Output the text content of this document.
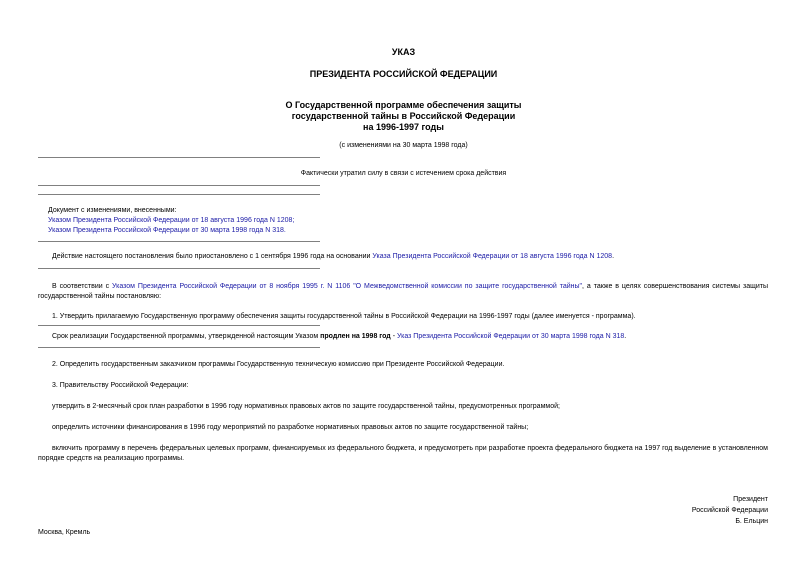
УКАЗ
ПРЕЗИДЕНТА РОССИЙСКОЙ ФЕДЕРАЦИИ
О Государственной программе обеспечения защиты
государственной тайны в Российской Федерации
на 1996-1997 годы
(с изменениями на 30 марта 1998 года)
Фактически утратил силу в связи с истечением срока действия
Документ с изменениями, внесенными:
Указом Президента Российской Федерации от 18 августа 1996 года N 1208;
Указом Президента Российской Федерации от 30 марта 1998 года N 318.
Действие настоящего постановления было приостановлено с 1 сентября 1996 года на основании Указа Президента Российской Федерации от 18 августа 1996 года N 1208.
В соответствии с Указом Президента Российской Федерации от 8 ноября 1995 г. N 1106 "О Межведомственной комиссии по защите государственной тайны", а также в целях совершенствования системы защиты государственной тайны постановляю:
1. Утвердить прилагаемую Государственную программу обеспечения защиты государственной тайны в Российской Федерации на 1996-1997 годы (далее именуется - программа).
Срок реализации Государственной программы, утвержденной настоящим Указом продлен на 1998 год - Указ Президента Российской Федерации от 30 марта 1998 года N 318.
2. Определить государственным заказчиком программы Государственную техническую комиссию при Президенте Российской Федерации.
3. Правительству Российской Федерации:
утвердить в 2-месячный срок план разработки в 1996 году нормативных правовых актов по защите государственной тайны, предусмотренных программой;
определить источники финансирования в 1996 году мероприятий по разработке нормативных правовых актов по защите государственной тайны;
включить программу в перечень федеральных целевых программ, финансируемых из федерального бюджета, и предусмотреть при разработке проекта федерального бюджета на 1997 год выделение в установленном порядке средств на реализацию программы.
Президент
Российской Федерации
Б. Ельцин
Москва, Кремль
